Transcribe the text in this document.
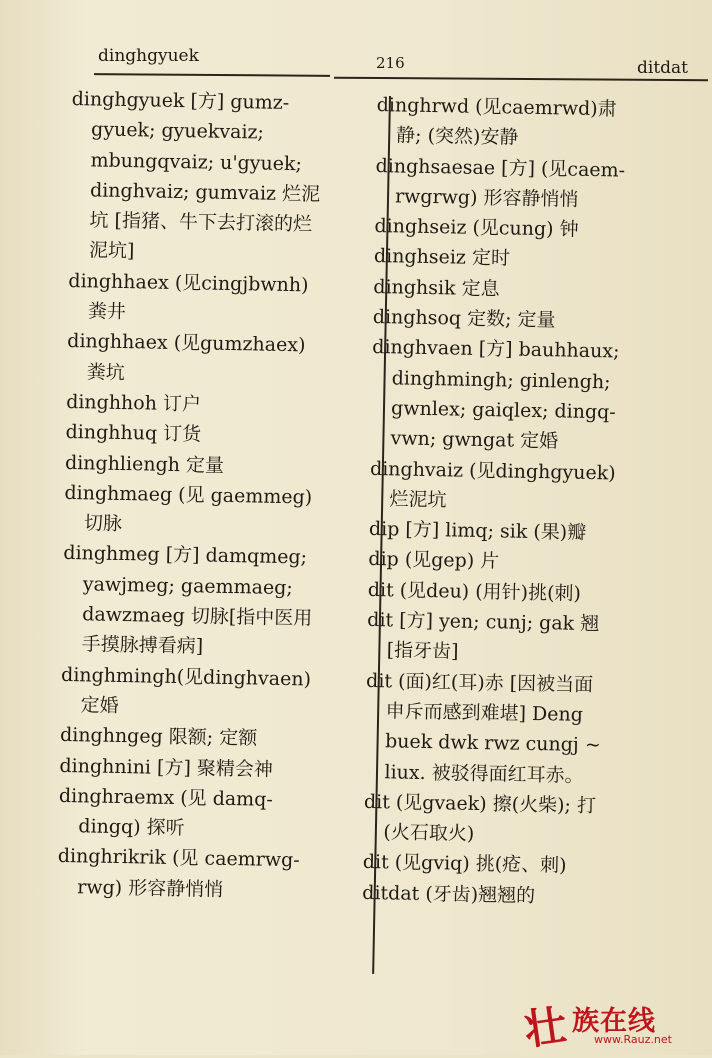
dinghgyuek	216	ditdat
dinghgyuek [方] gumz-
gyuek; gyuekvaiz;
mbungqvaiz; u'gyuek;
dinghvaiz; gumvaiz 烂泥
坑 [指猪、牛下去打滚的烂
泥坑]
dinghhaex (见cingjbwnh)
粪井
dinghhaex (见gumzhaex)
粪坑
dinghhoh 订户
dinghhuq 订货
dinghliengh 定量
dinghmaeg (见 gaemmeg)
切脉
dinghmeg [方] damqmeg;
yawjmeg; gaemmaeg;
dawzmaeg 切脉[指中医用
手摸脉搏看病]
dinghmingh(见dinghvaen)
定婚
dinghngeg 限额; 定额
dinghnini [方] 聚精会神
dinghraemx (见 damq-
dingq) 探听
dinghrikrik (见 caemrwg-
rwg) 形容静悄悄
dinghrwd (见caemrwd)肃
静; (突然)安静
dinghsaesae [方] (见caem-
rwgrwg) 形容静悄悄
dinghseiz (见cung) 钟
dinghseiz 定时
dinghsik 定息
dinghsoq 定数; 定量
dinghvaen [方] bauhhaux;
dinghmingh; ginlengh;
gwnlex; gaiqlex; dingq-
vwn; gwngat 定婚
dinghvaiz (见dinghgyuek)
烂泥坑
dip [方] limq; sik (果)瓣
dip (见gep) 片
dit (见deu) (用针)挑(刺)
dit [方] yen; cunj; gak 翘
[指牙齿]
dit (面)红(耳)赤 [因被当面
申斥而感到难堪] Deng
buek dwk rwz cungj ~
liux. 被驳得面红耳赤。
dit (见gvaek) 擦(火柴); 打
(火石取火)
dit (见gviq) 挑(疮、刺)
ditdat (牙齿)翘翘的
壮 族在线
www.Rauz.net
